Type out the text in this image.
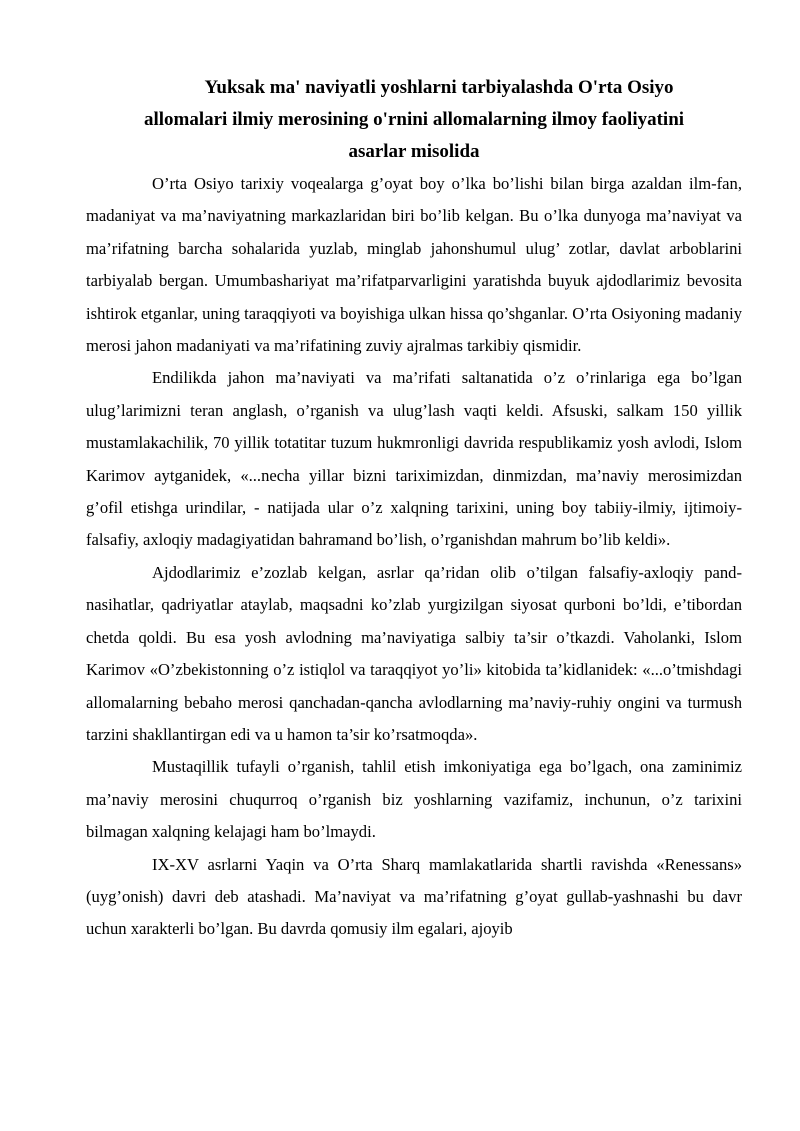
Yuksak ma' naviyatli yoshlarni tarbiyalashda O'rta Osiyo
allomalari ilmiy merosining o'rnini allomalarning ilmoy faoliyatini
asarlar misolida

O’rta Osiyo tarixiy voqealarga g’oyat boy o’lka bo’lishi bilan birga azaldan ilm-fan, madaniyat va ma’naviyatning markazlaridan biri bo’lib kelgan. Bu o’lka dunyoga ma’naviyat va ma’rifatning barcha sohalarida yuzlab, minglab jahonshumul ulug’ zotlar, davlat arboblarini tarbiyalab bergan. Umumbashariyat ma’rifatparvarligini yaratishda buyuk ajdodlarimiz bevosita ishtirok etganlar, uning taraqqiyoti va boyishiga ulkan hissa qo’shganlar. O’rta Osiyoning madaniy merosi jahon madaniyati va ma’rifatining zuviy ajralmas tarkibiy qismidir.

Endilikda jahon ma’naviyati va ma’rifati saltanatida o’z o’rinlariga ega bo’lgan ulug’larimizni teran anglash, o’rganish va ulug’lash vaqti keldi. Afsuski, salkam 150 yillik mustamlakachilik, 70 yillik totatitar tuzum hukmronligi davrida respublikamiz yosh avlodi, Islom Karimov aytganidek, «...necha yillar bizni tariximizdan, dinmizdan, ma’naviy merosimizdan g’ofil etishga urindilar, - natijada ular o’z xalqning tarixini, uning boy tabiiy-ilmiy, ijtimoiy-falsafiy, axloqiy madagiyatidan bahramand bo’lish, o’rganishdan mahrum bo’lib keldi».

Ajdodlarimiz e’zozlab kelgan, asrlar qa’ridan olib o’tilgan falsafiy-axloqiy pand-nasihatlar, qadriyatlar ataylab, maqsadni ko’zlab yurgizilgan siyosat qurboni bo’ldi, e’tibordan chetda qoldi. Bu esa yosh avlodning ma’naviyatiga salbiy ta’sir o’tkazdi. Vaholanki, Islom Karimov «O’zbekistonning o’z istiqlol va taraqqiyot yo’li» kitobida ta’kidlanidek: «...o’tmishdagi allomalarning bebaho merosi qanchadan-qancha avlodlarning ma’naviy-ruhiy ongini va turmush tarzini shakllantirgan edi va u hamon ta’sir ko’rsatmoqda».

Mustaqillik tufayli o’rganish, tahlil etish imkoniyatiga ega bo’lgach, ona zaminimiz ma’naviy merosini chuqurroq o’rganish biz yoshlarning vazifamiz, inchunun, o’z tarixini bilmagan xalqning kelajagi ham bo’lmaydi.

IX-XV asrlarni Yaqin va O’rta Sharq mamlakatlarida shartli ravishda «Renessans» (uyg’onish) davri deb atashadi. Ma’naviyat va ma’rifatning g’oyat gullab-yashnashi bu davr uchun xarakterli bo’lgan. Bu davrda qomusiy ilm egalari, ajoyib
